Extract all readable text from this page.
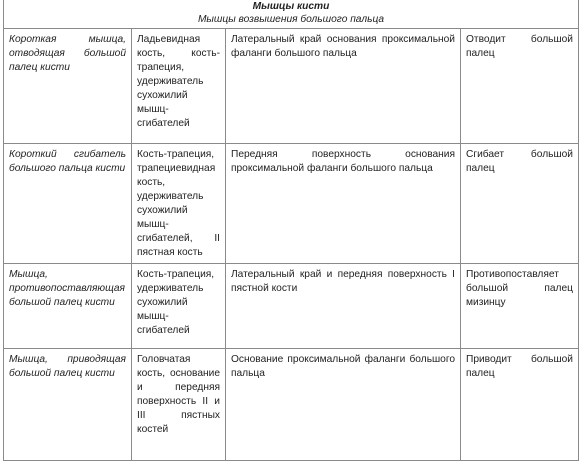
Мышцы кисти
Мышцы возвышения большого пальца			

Короткая мышца, отводящая большой палец кисти	Ладьевидная кость, кость-трапеция, удерживатель сухожилий мышц-сгибателей	Латеральный край основания проксимальной фаланги большого пальца	Отводит большой палец
Короткий сгибатель большого пальца кисти	Кость-трапеция, трапециевидная кость, удерживатель сухожилий мышц-сгибателей, II пястная кость	Передняя поверхность основания проксимальной фаланги большого пальца	Сгибает большой палец
Мышца, противопоставляющая большой палец кисти	Кость-трапеция, удерживатель сухожилий мышц-сгибателей	Латеральный край и передняя поверхность I пястной кости	Противопоставляет большой палец мизинцу
Мышца, приводящая большой палец кисти	Головчатая кость, основание и передняя поверхность II и III пястных костей	Основание проксимальной фаланги большого пальца	Приводит большой палец
